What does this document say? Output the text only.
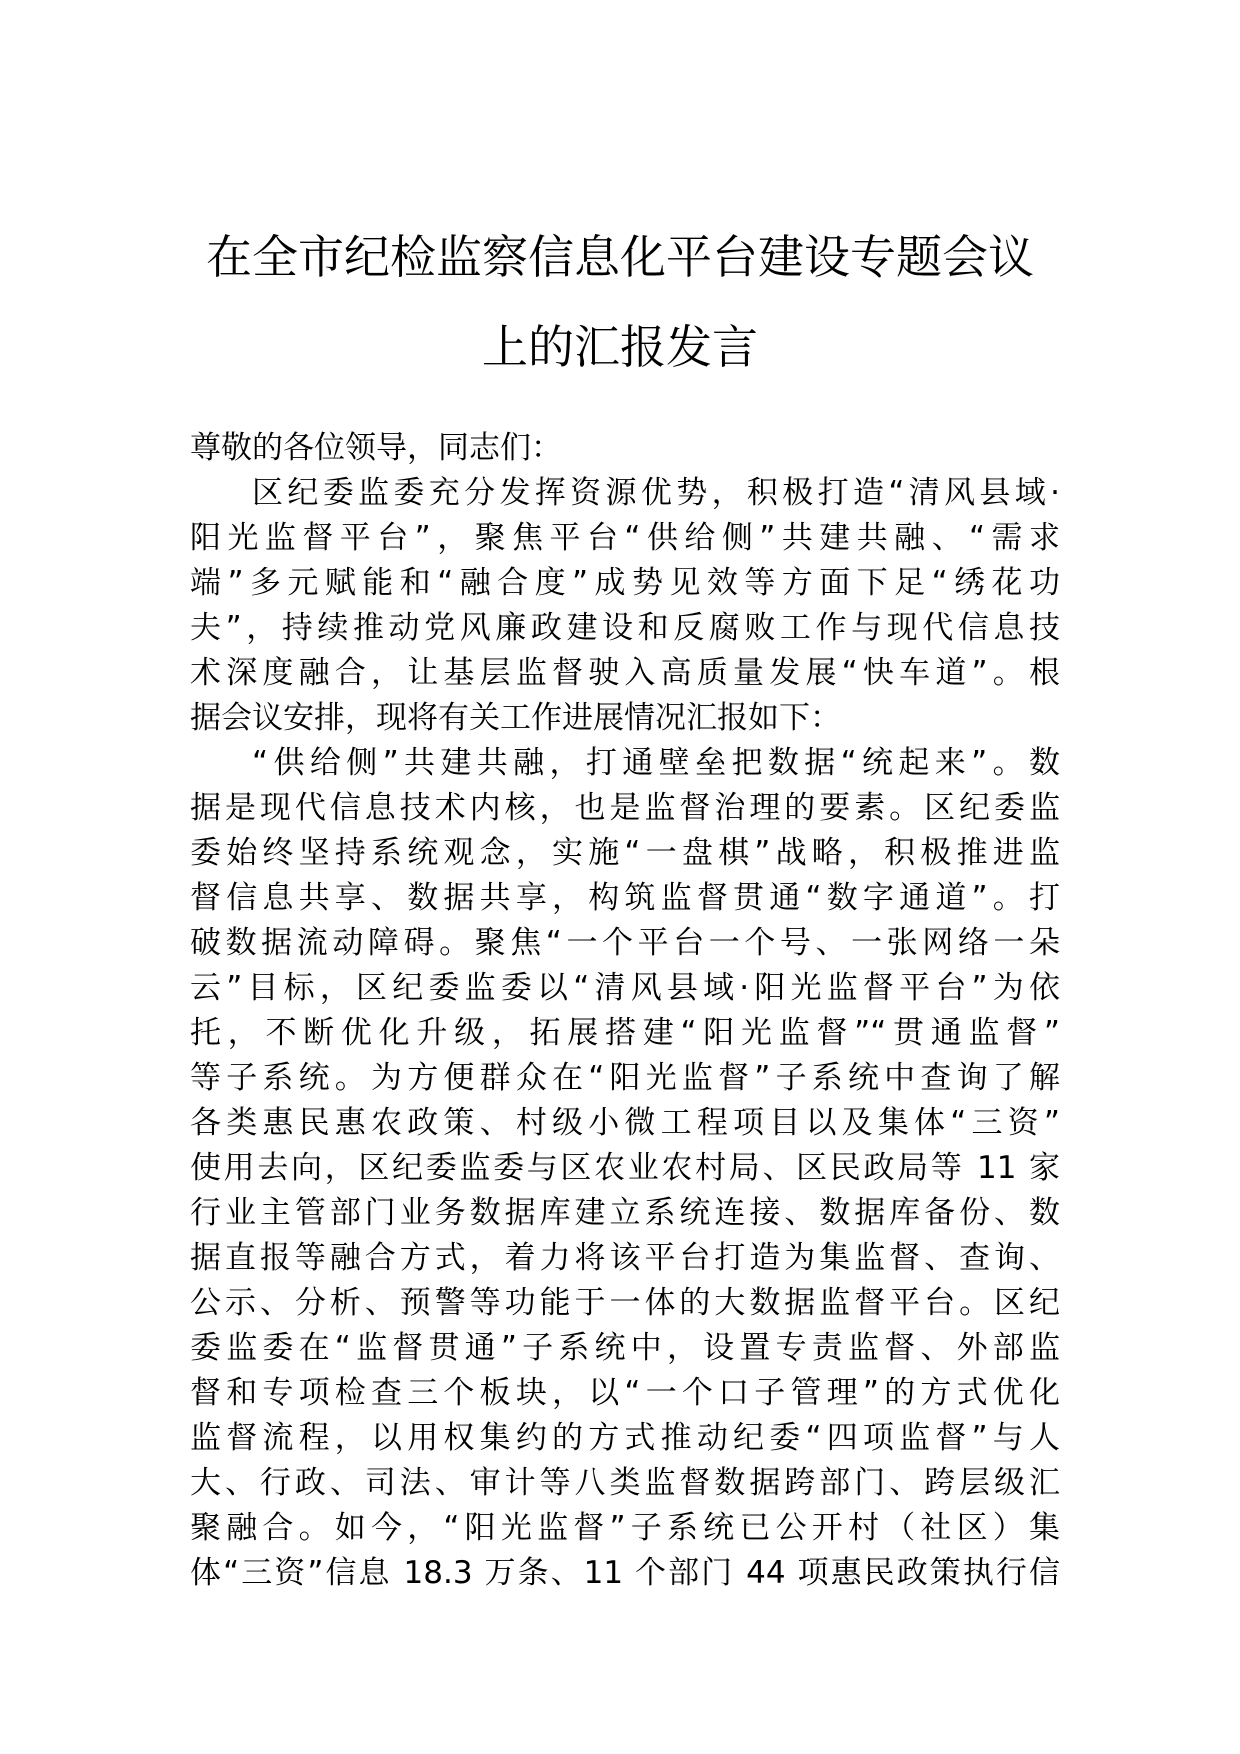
在全市纪检监察信息化平台建设专题会议
上的汇报发言
尊敬的各位领导，同志们：
区纪委监委充分发挥资源优势，积极打造“清风县域·
阳光监督平台”，聚焦平台“供给侧”共建共融、“需求
端”多元赋能和“融合度”成势见效等方面下足“绣花功
夫”，持续推动党风廉政建设和反腐败工作与现代信息技
术深度融合，让基层监督驶入高质量发展“快车道”。根
据会议安排，现将有关工作进展情况汇报如下：
“供给侧”共建共融，打通壁垒把数据“统起来”。数
据是现代信息技术内核，也是监督治理的要素。区纪委监
委始终坚持系统观念，实施“一盘棋”战略，积极推进监
督信息共享、数据共享，构筑监督贯通“数字通道”。打
破数据流动障碍。聚焦“一个平台一个号、一张网络一朵
云”目标，区纪委监委以“清风县域·阳光监督平台”为依
托，不断优化升级，拓展搭建“阳光监督”“贯通监督”
等子系统。为方便群众在“阳光监督”子系统中查询了解
各类惠民惠农政策、村级小微工程项目以及集体“三资”
使用去向，区纪委监委与区农业农村局、区民政局等 11 家
行业主管部门业务数据库建立系统连接、数据库备份、数
据直报等融合方式，着力将该平台打造为集监督、查询、
公示、分析、预警等功能于一体的大数据监督平台。区纪
委监委在“监督贯通”子系统中，设置专责监督、外部监
督和专项检查三个板块，以“一个口子管理”的方式优化
监督流程，以用权集约的方式推动纪委“四项监督”与人
大、行政、司法、审计等八类监督数据跨部门、跨层级汇
聚融合。如今，“阳光监督”子系统已公开村（社区）集
体“三资”信息 18.3 万条、11 个部门 44 项惠民政策执行信
